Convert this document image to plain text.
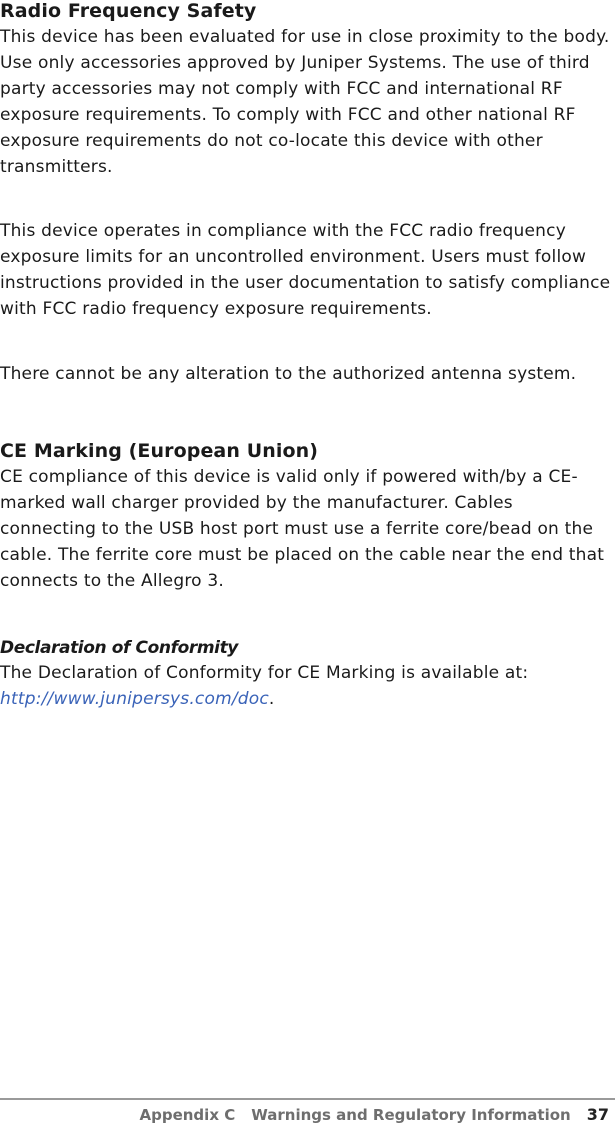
Radio Frequency Safety

This device has been evaluated for use in close proximity to the body. Use only accessories approved by Juniper Systems. The use of third party accessories may not comply with FCC and international RF exposure requirements. To comply with FCC and other national RF exposure requirements do not co-locate this device with other transmitters.

This device operates in compliance with the FCC radio frequency exposure limits for an uncontrolled environment. Users must follow instructions provided in the user documentation to satisfy compliance with FCC radio frequency exposure requirements.

There cannot be any alteration to the authorized antenna system.

CE Marking (European Union)

CE compliance of this device is valid only if powered with/by a CE-marked wall charger provided by the manufacturer. Cables connecting to the USB host port must use a ferrite core/bead on the cable. The ferrite core must be placed on the cable near the end that connects to the Allegro 3.

Declaration of Conformity

The Declaration of Conformity for CE Marking is available at: http://www.junipersys.com/doc.

Appendix C Warnings and Regulatory Information 37
